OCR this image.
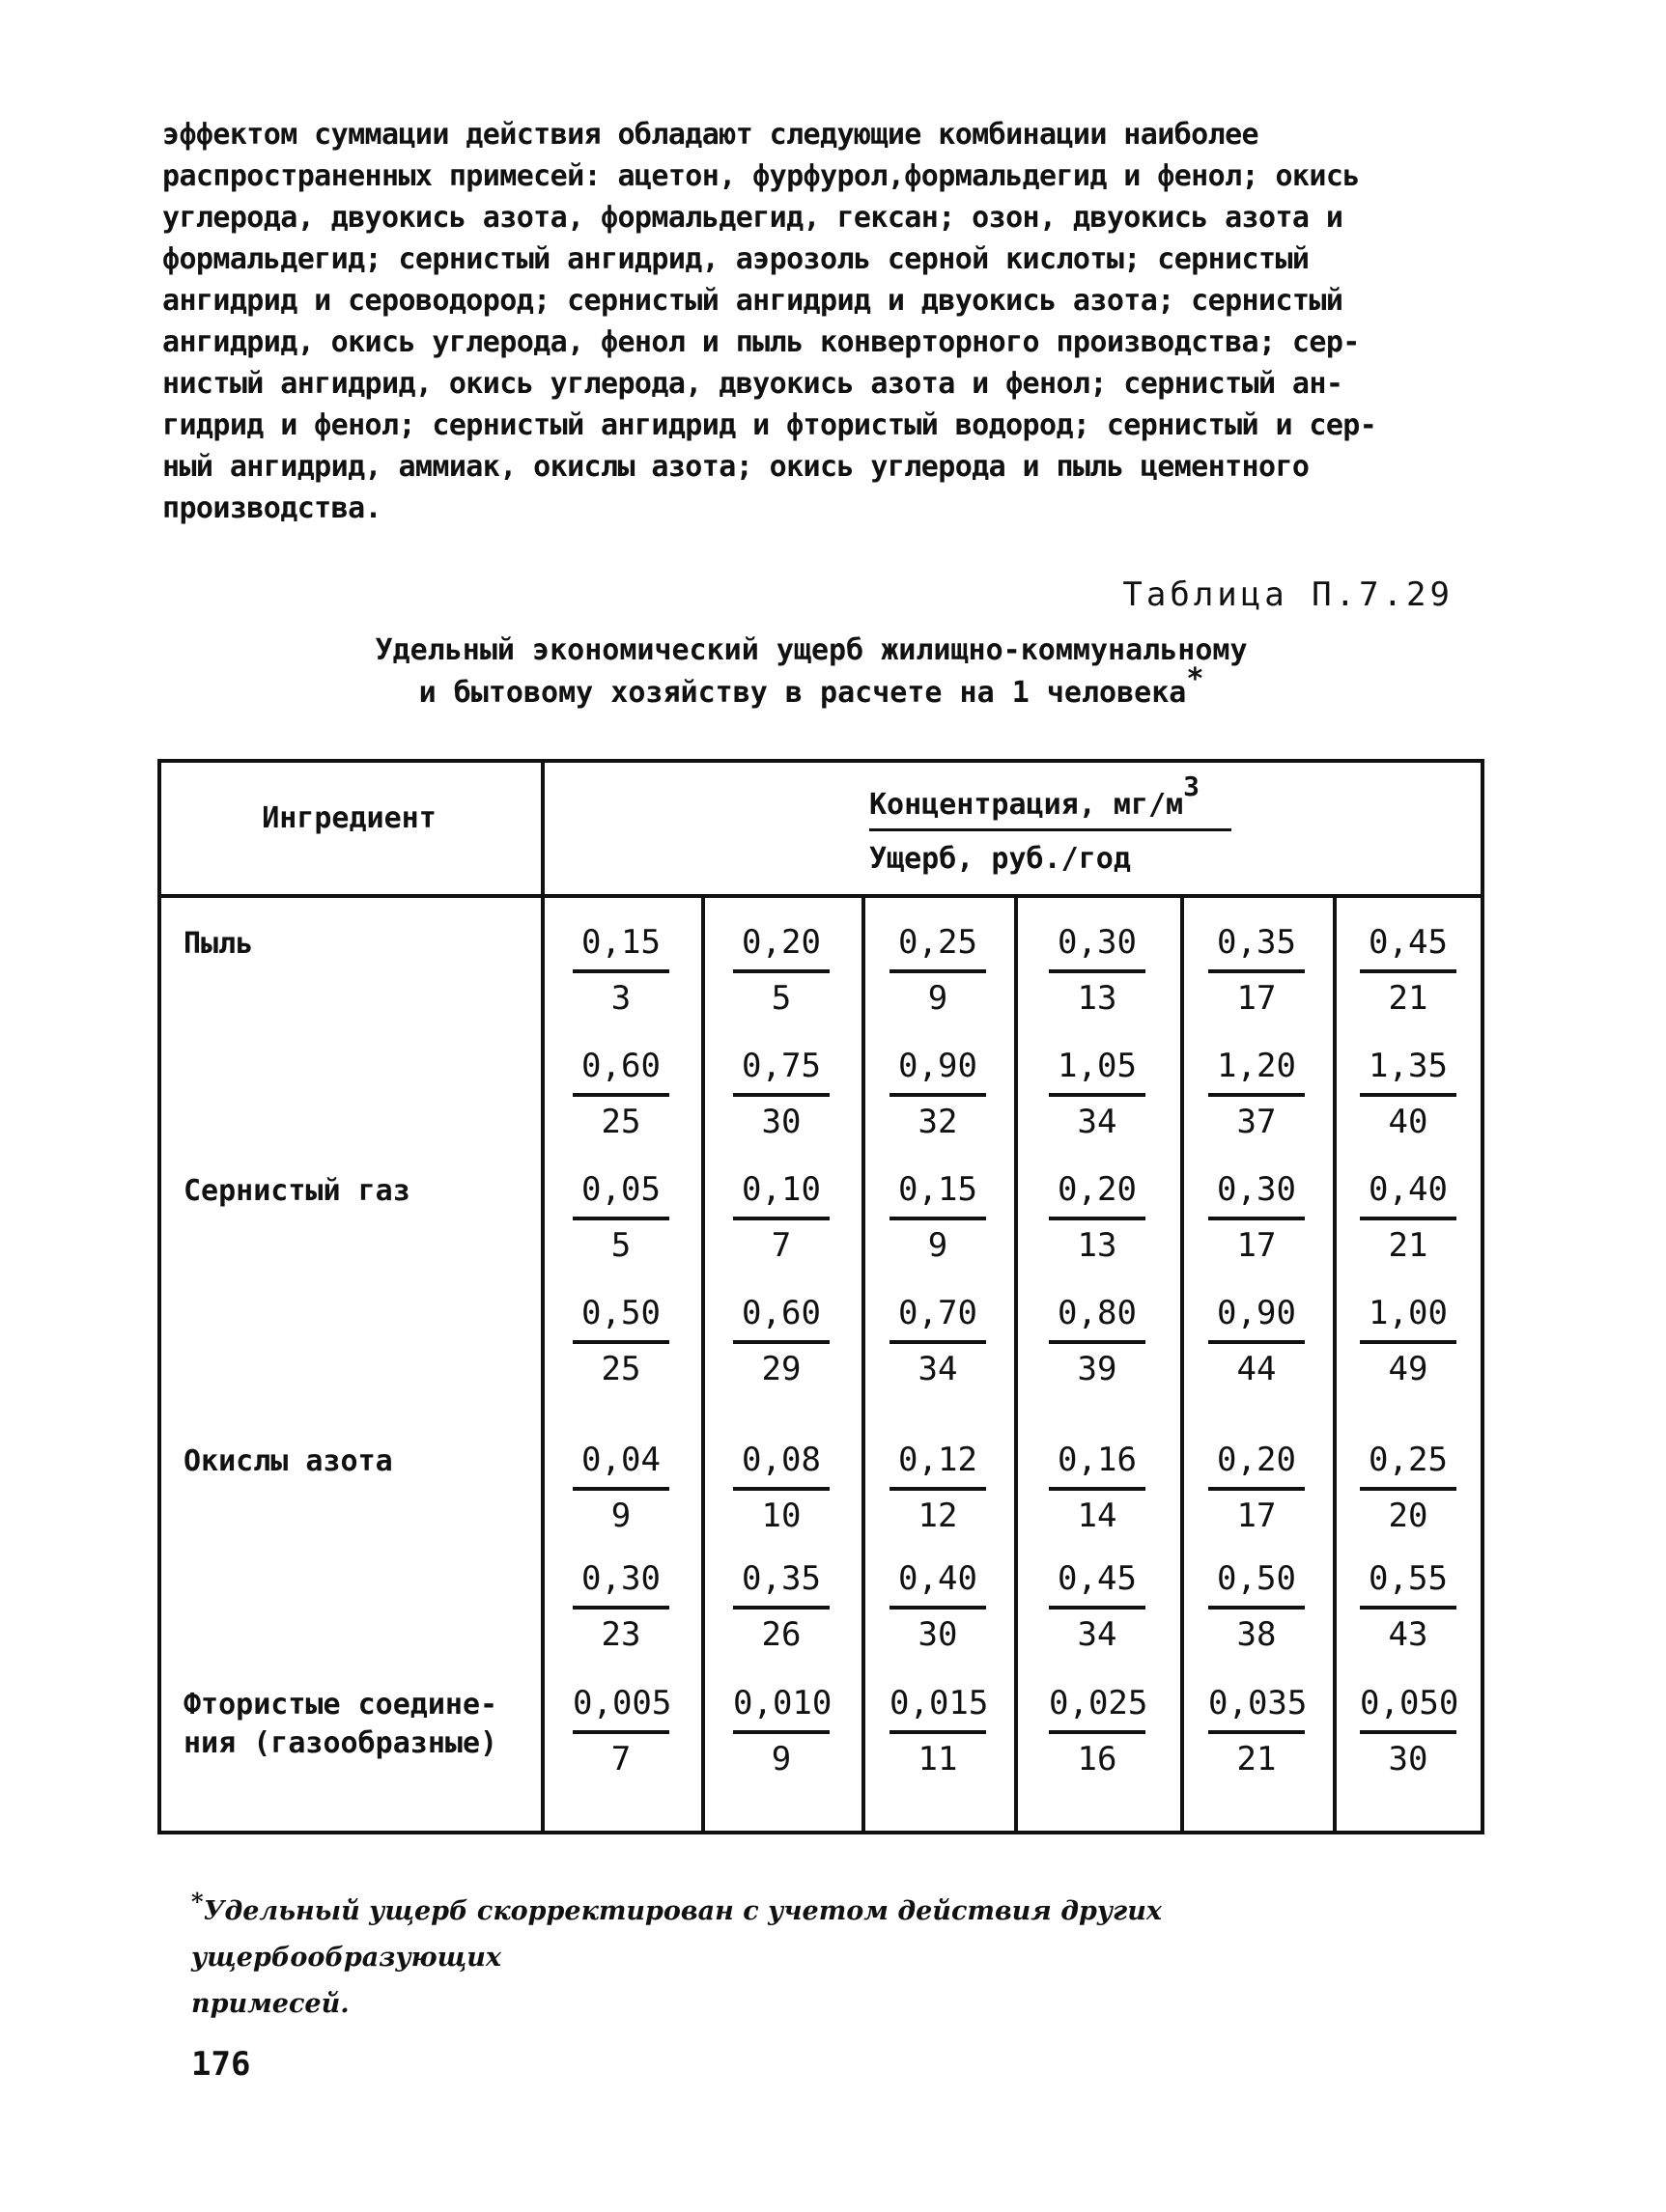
эффектом суммации действия обладают следующие комбинации наиболее
распространенных примесей: ацетон, фурфурол,формальдегид и фенол; окись
углерода, двуокись азота, формальдегид, гексан; озон, двуокись азота и
формальдегид; сернистый ангидрид, аэрозоль серной кислоты; сернистый
ангидрид и сероводород; сернистый ангидрид и двуокись азота; сернистый
ангидрид, окись углерода, фенол и пыль конверторного производства; сер-
нистый ангидрид, окись углерода, двуокись азота и фенол; сернистый ан-
гидрид и фенол; сернистый ангидрид и фтористый водород; сернистый и сер-
ный ангидрид, аммиак, окислы азота; окись углерода и пыль цементного
производства.
Таблица П.7.29
Удельный экономический ущерб жилищно-коммунальному
и бытовому хозяйству в расчете на 1 человека*
Ингредиент	Концентрация, $мг/м^3$
Ущерб, руб./год
Пыль
Сернистый газ
Окислы азота
Фтористые соедине-
ния (газообразные)
0,15
3
0,20
5
0,25
9
0,30
13
0,35
17
0,45
21
0,60
25
0,75
30
0,90
32
1,05
34
1,20
37
1,35
40
0,05
5
0,10
7
0,15
9
0,20
13
0,30
17
0,40
21
0,50
25
0,60
29
0,70
34
0,80
39
0,90
44
1,00
49
0,04
9
0,08
10
0,12
12
0,16
14
0,20
17
0,25
20
0,30
23
0,35
26
0,40
30
0,45
34
0,50
38
0,55
43
0,005
7
0,010
9
0,015
11
0,025
16
0,035
21
0,050
30
*Удельный ущерб скорректирован с учетом действия других ущербообразующих
примесей.
176
